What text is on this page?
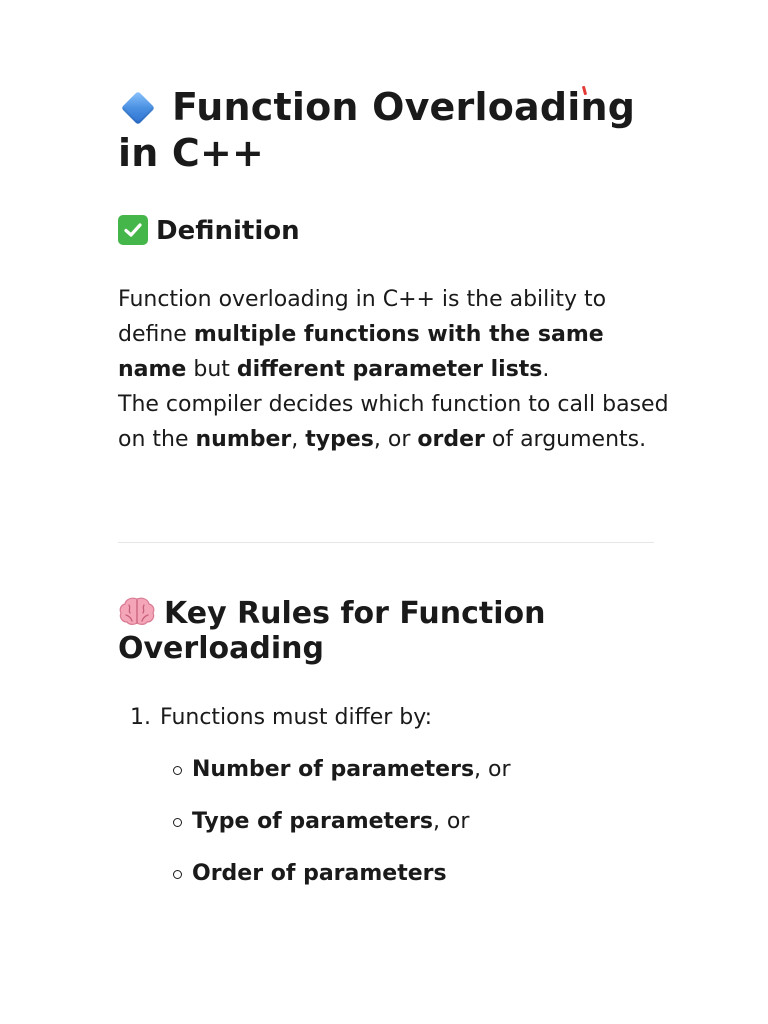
Function Overloading in C++
Definition

Function overloading in C++ is the ability to define multiple functions with the same name but different parameter lists.
The compiler decides which function to call based on the number, types, or order of arguments.

Key Rules for Function Overloading
1. Functions must differ by:
Number of parameters, or
Type of parameters, or
Order of parameters
